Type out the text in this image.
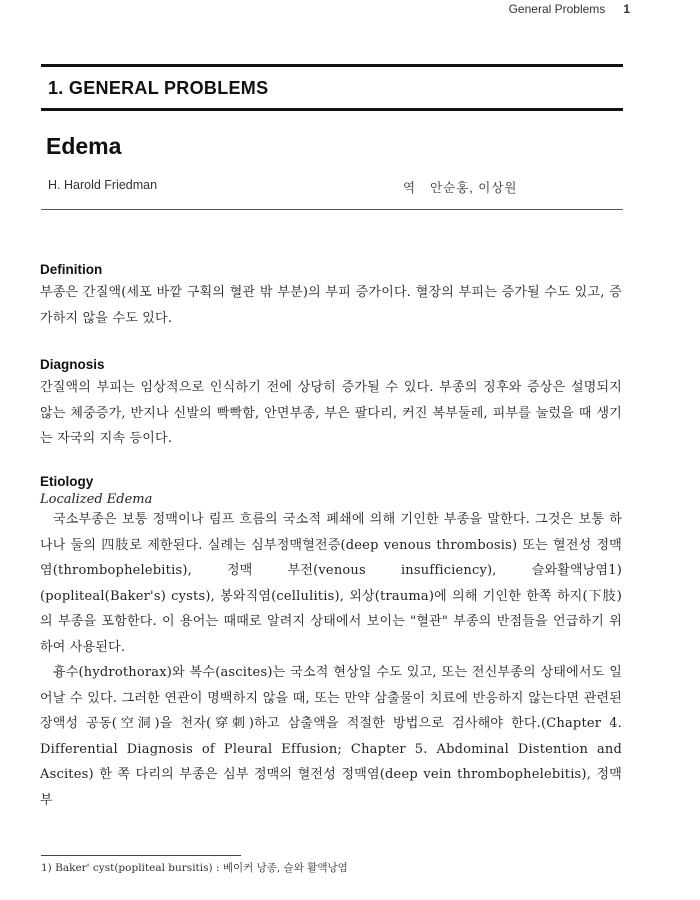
General Problems 1
1. GENERAL PROBLEMS
Edema
H. Harold Friedman	역 안순홍, 이상원
Definition

부종은 간질액(세포 바깥 구획의 혈관 밖 부분)의 부피 증가이다. 혈장의 부피는 증가될 수도 있고, 증가하지 않을 수도 있다.

Diagnosis

간질액의 부피는 임상적으로 인식하기 전에 상당히 증가될 수 있다. 부종의 징후와 증상은 설명되지 않는 체중증가, 반지나 신발의 빡빡함, 안면부종, 부은 팔다리, 커진 복부둘레, 피부를 눌렀을 때 생기는 자국의 지속 등이다.

Etiology
Localized Edema

국소부종은 보통 정맥이나 림프 흐름의 국소적 폐쇄에 의해 기인한 부종을 말한다. 그것은 보통 하나나 둘의 四肢로 제한된다. 실례는 심부정맥혈전증(deep venous thrombosis) 또는 혈전성 정맥염(thrombophelebitis), 정맥 부전(venous insufficiency), 슬와활액낭염1)(popliteal(Baker's) cysts), 봉와직염(cellulitis), 외상(trauma)에 의해 기인한 한쪽 하지(下肢)의 부종을 포함한다. 이 용어는 때때로 알려지 상태에서 보이는 "혈관" 부종의 반점들을 언급하기 위하여 사용된다.

흉수(hydrothorax)와 복수(ascites)는 국소적 현상일 수도 있고, 또는 전신부종의 상태에서도 일어날 수 있다. 그러한 연관이 명백하지 않을 때, 또는 만약 삼출물이 치료에 반응하지 않는다면 관련된 장액성 공동(空洞)을 천자(穿刺)하고 삼출액을 적절한 방법으로 검사해야 한다.(Chapter 4. Differential Diagnosis of Pleural Effusion; Chapter 5. Abdominal Distention and Ascites) 한 쪽 다리의 부종은 심부 정맥의 혈전성 정맥염(deep vein thrombophelebitis), 정맥 부

1) Baker' cyst(popliteal bursitis) : 베이커 낭종, 슬와 활액낭염
